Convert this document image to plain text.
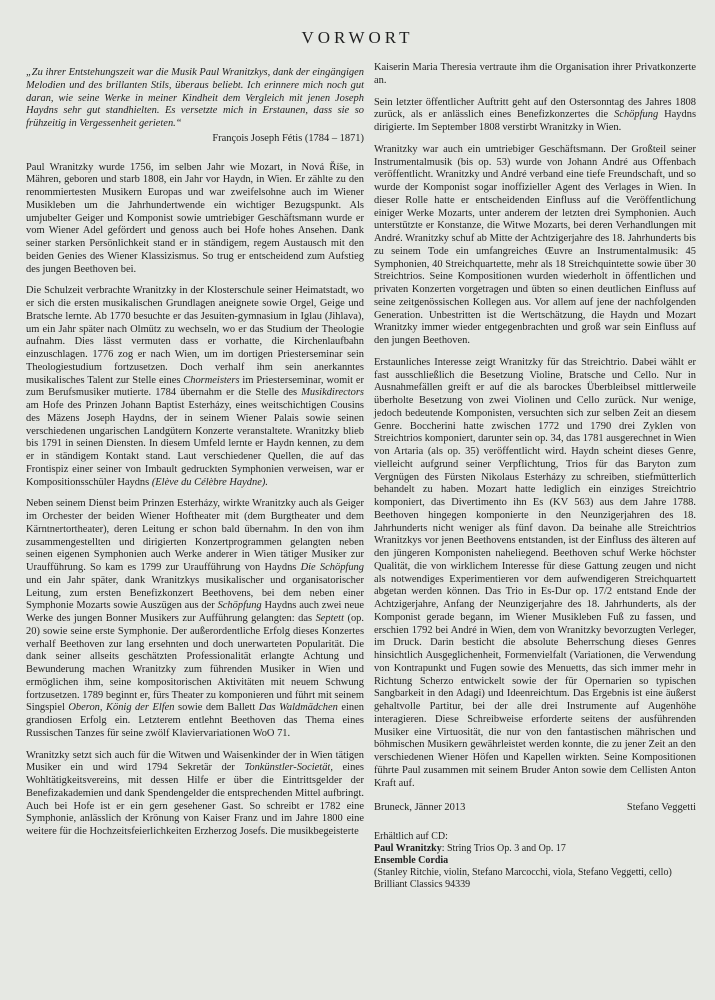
VORWORT

„Zu ihrer Entstehungszeit war die Musik Paul Wranitzkys, dank der eingängigen Melodien und des brillanten Stils, überaus beliebt. Ich erinnere mich noch gut daran, wie seine Werke in meiner Kindheit dem Vergleich mit jenen Joseph Haydns sehr gut standhielten. Es versetzte mich in Erstaunen, dass sie so frühzeitig in Vergessenheit gerieten.“

François Joseph Fétis (1784 – 1871)

Paul Wranitzky wurde 1756, im selben Jahr wie Mozart, in Nová Říše, in Mähren, geboren und starb 1808, ein Jahr vor Haydn, in Wien. Er zählte zu den renommiertesten Musikern Europas und war zweifelsohne auch im Wiener Musikleben um die Jahrhundertwende ein wichtiger Bezugspunkt. Als umjubelter Geiger und Komponist sowie umtriebiger Geschäftsmann wurde er vom Wiener Adel gefördert und genoss auch bei Hofe hohes Ansehen. Dank seiner starken Persönlichkeit stand er in ständigem, regem Austausch mit den beiden Genies des Wiener Klassizismus. So trug er entscheidend zum Aufstieg des jungen Beethoven bei.

Die Schulzeit verbrachte Wranitzky in der Klosterschule seiner Heimatstadt, wo er sich die ersten musikalischen Grundlagen aneignete sowie Orgel, Geige und Bratsche lernte. Ab 1770 besuchte er das Jesuiten-gymnasium in Iglau (Jihlava), um ein Jahr später nach Olmütz zu wechseln, wo er das Studium der Theologie aufnahm. Dies lässt vermuten dass er vorhatte, die Kirchenlaufbahn einzuschlagen. 1776 zog er nach Wien, um im dortigen Priesterseminar sein Theologiestudium fortzusetzen. Doch verhalf ihm sein anerkanntes musikalisches Talent zur Stelle eines Chormeisters im Priesterseminar, womit er zum Berufsmusiker mutierte. 1784 übernahm er die Stelle des Musikdirectors am Hofe des Prinzen Johann Baptist Esterházy, eines weitschichtigen Cousins des Mäzens Joseph Haydns, der in seinem Wiener Palais sowie seinen verschiedenen ungarischen Landgütern Konzerte veranstaltete. Wranitzky blieb bis 1791 in seinen Diensten. In diesem Umfeld lernte er Haydn kennen, zu dem er in ständigem Kontakt stand. Laut verschiedener Quellen, die auf das Frontispiz einer seiner von Imbault gedruckten Symphonien verweisen, war er Kompositionsschüler Haydns (Elève du Célèbre Haydne).

Neben seinem Dienst beim Prinzen Esterházy, wirkte Wranitzky auch als Geiger im Orchester der beiden Wiener Hoftheater mit (dem Burgtheater und dem Kärntnertortheater), deren Leitung er schon bald übernahm. In den von ihm zusammengestellten und dirigierten Konzertprogrammen gelangten neben seinen eigenen Symphonien auch Werke anderer in Wien tätiger Musiker zur Uraufführung. So kam es 1799 zur Uraufführung von Haydns Die Schöpfung und ein Jahr später, dank Wranitzkys musikalischer und organisatorischer Leitung, zum ersten Benefizkonzert Beethovens, bei dem neben einer Symphonie Mozarts sowie Auszügen aus der Schöpfung Haydns auch zwei neue Werke des jungen Bonner Musikers zur Aufführung gelangten: das Septett (op. 20) sowie seine erste Symphonie. Der außerordentliche Erfolg dieses Konzertes verhalf Beethoven zur lang ersehnten und doch unerwarteten Popularität. Die dank seiner allseits geschätzten Professionalität erlangte Achtung und Bewunderung machen Wranitzky zum führenden Musiker in Wien und ermöglichen ihm, seine kompositorischen Aktivitäten mit neuem Schwung fortzusetzen. 1789 beginnt er, fürs Theater zu komponieren und führt mit seinem Singspiel Oberon, König der Elfen sowie dem Ballett Das Waldmädchen einen grandiosen Erfolg ein. Letzterem entlehnt Beethoven das Thema eines Russischen Tanzes für seine zwölf Klaviervariationen WoO 71.

Wranitzky setzt sich auch für die Witwen und Waisenkinder der in Wien tätigen Musiker ein und wird 1794 Sekretär der Tonkünstler-Societät, eines Wohltätigkeitsvereins, mit dessen Hilfe er über die Eintrittsgelder der Benefizakademien und dank Spendengelder die entsprechenden Mittel aufbringt. Auch bei Hofe ist er ein gern gesehener Gast. So schreibt er 1782 eine Symphonie, anlässlich der Krönung von Kaiser Franz und im Jahre 1800 eine weitere für die Hochzeitsfeierlichkeiten Erzherzog Josefs. Die musikbegeisterte

Kaiserin Maria Theresia vertraute ihm die Organisation ihrer Privatkonzerte an.

Sein letzter öffentlicher Auftritt geht auf den Ostersonntag des Jahres 1808 zurück, als er anlässlich eines Benefizkonzertes die Schöpfung Haydns dirigierte. Im September 1808 verstirbt Wranitzky in Wien.

Wranitzky war auch ein umtriebiger Geschäftsmann. Der Großteil seiner Instrumentalmusik (bis op. 53) wurde von Johann André aus Offenbach veröffentlicht. Wranitzky und André verband eine tiefe Freundschaft, und so wurde der Komponist sogar inoffizieller Agent des Verlages in Wien. In dieser Rolle hatte er entscheidenden Einfluss auf die Veröffentlichung einiger Werke Mozarts, unter anderem der letzten drei Symphonien. Auch unterstützte er Konstanze, die Witwe Mozarts, bei deren Verhandlungen mit André. Wranitzky schuf ab Mitte der Achtzigerjahre des 18. Jahrhunderts bis zu seinem Tode ein umfangreiches Œuvre an Instrumentalmusik: 45 Symphonien, 40 Streichquartette, mehr als 18 Streichquintette sowie über 30 Streichtrios. Seine Kompositionen wurden wiederholt in öffentlichen und privaten Konzerten vorgetragen und übten so einen deutlichen Einfluss auf seine zeitgenössischen Kollegen aus. Vor allem auf jene der nachfolgenden Generation. Unbestritten ist die Wertschätzung, die Haydn und Mozart Wranitzky immer wieder entgegenbrachten und groß war sein Einfluss auf den jungen Beethoven.

Erstaunliches Interesse zeigt Wranitzky für das Streichtrio. Dabei wählt er fast ausschließlich die Besetzung Violine, Bratsche und Cello. Nur in Ausnahmefällen greift er auf die als barockes Überbleibsel mittlerweile überholte Besetzung von zwei Violinen und Cello zurück. Nur wenige, jedoch bedeutende Komponisten, versuchten sich zur selben Zeit an diesem Genre. Boccherini hatte zwischen 1772 und 1790 drei Zyklen von Streichtrios komponiert, darunter sein op. 34, das 1781 ausgerechnet in Wien von Artaria (als op. 35) veröffentlicht wird. Haydn scheint dieses Genre, vielleicht aufgrund seiner Verpflichtung, Trios für das Baryton zum Vergnügen des Fürsten Nikolaus Esterházy zu schreiben, stiefmütterlich behandelt zu haben. Mozart hatte lediglich ein einziges Streichtrio komponiert, das Divertimento ihn Es (KV 563) aus dem Jahre 1788. Beethoven hingegen komponierte in den Neunzigerjahren des 18. Jahrhunderts nicht weniger als fünf davon. Da beinahe alle Streichtrios Wranitzkys vor jenen Beethovens entstanden, ist der Einfluss des älteren auf den jüngeren Komponisten naheliegend. Beethoven schuf Werke höchster Qualität, die von wirklichem Interesse für diese Gattung zeugen und nicht als notwendiges Experimentieren vor dem aufwendigeren Streichquartett abgetan werden können. Das Trio in Es-Dur op. 17/2 entstand Ende der Achtzigerjahre, Anfang der Neunzigerjahre des 18. Jahrhunderts, als der Komponist gerade begann, im Wiener Musikleben Fuß zu fassen, und erschien 1792 bei André in Wien, dem von Wranitzky bevorzugten Verleger, im Druck. Darin besticht die absolute Beherrschung dieses Genres hinsichtlich Ausgeglichenheit, Formenvielfalt (Variationen, die Verwendung von Kontrapunkt und Fugen sowie des Menuetts, das sich immer mehr in Richtung Scherzo entwickelt sowie der für Opernarien so typischen Sangbarkeit in den Adagi) und Ideenreichtum. Das Ergebnis ist eine äußerst gehaltvolle Partitur, bei der alle drei Instrumente auf Augenhöhe interagieren. Diese Schreibweise erforderte seitens der ausführenden Musiker eine Virtuosität, die nur von den fantastischen mährischen und böhmischen Musikern gewährleistet werden konnte, die zu jener Zeit an den verschiedenen Wiener Höfen und Kapellen wirkten. Seine Kompositionen führte Paul zusammen mit seinem Bruder Anton sowie dem Cellisten Anton Kraft auf.

Bruneck, Jänner 2013	Stefano Veggetti
Erhältlich auf CD:
Paul Wranitzky: String Trios Op. 3 and Op. 17
Ensemble Cordia
(Stanley Ritchie, violin, Stefano Marcocchi, viola, Stefano Veggetti, cello)
Brilliant Classics 94339
